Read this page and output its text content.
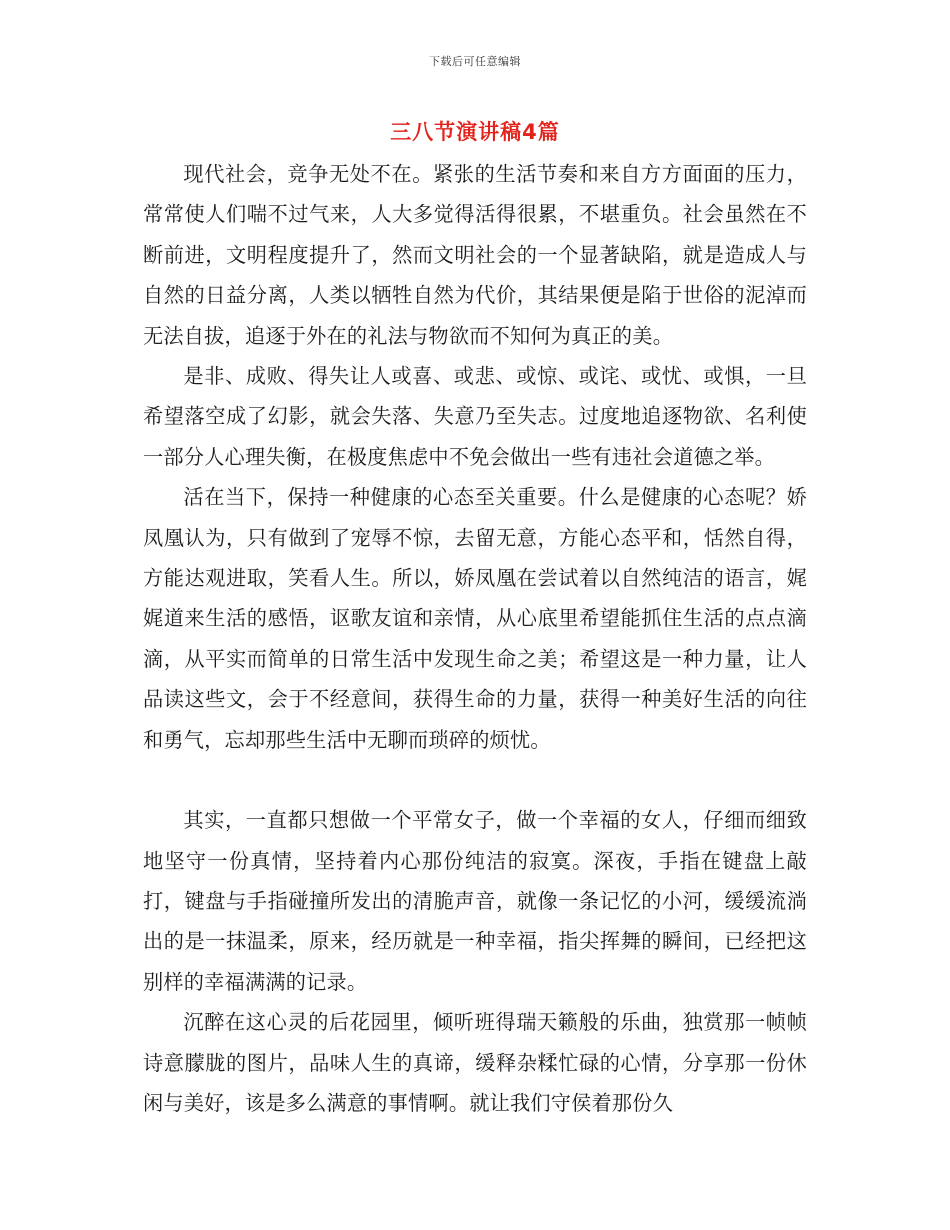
下载后可任意编辑
三八节演讲稿4篇

现代社会，竞争无处不在。紧张的生活节奏和来自方方面面的压力，常常使人们喘不过气来，人大多觉得活得很累，不堪重负。社会虽然在不断前进，文明程度提升了，然而文明社会的一个显著缺陷，就是造成人与自然的日益分离，人类以牺牲自然为代价，其结果便是陷于世俗的泥淖而无法自拔，追逐于外在的礼法与物欲而不知何为真正的美。

是非、成败、得失让人或喜、或悲、或惊、或诧、或忧、或惧，一旦希望落空成了幻影，就会失落、失意乃至失志。过度地追逐物欲、名利使一部分人心理失衡，在极度焦虑中不免会做出一些有违社会道德之举。

活在当下，保持一种健康的心态至关重要。什么是健康的心态呢？娇凤凰认为，只有做到了宠辱不惊，去留无意，方能心态平和，恬然自得，方能达观进取，笑看人生。所以，娇凤凰在尝试着以自然纯洁的语言，娓娓道来生活的感悟，讴歌友谊和亲情，从心底里希望能抓住生活的点点滴滴，从平实而简单的日常生活中发现生命之美；希望这是一种力量，让人品读这些文，会于不经意间，获得生命的力量，获得一种美好生活的向往和勇气，忘却那些生活中无聊而琐碎的烦忧。

其实，一直都只想做一个平常女子，做一个幸福的女人，仔细而细致地坚守一份真情，坚持着内心那份纯洁的寂寞。深夜，手指在键盘上敲打，键盘与手指碰撞所发出的清脆声音，就像一条记忆的小河，缓缓流淌出的是一抹温柔，原来，经历就是一种幸福，指尖挥舞的瞬间，已经把这别样的幸福满满的记录。

沉醉在这心灵的后花园里，倾听班得瑞天籁般的乐曲，独赏那一帧帧诗意朦胧的图片，品味人生的真谛，缓释杂糅忙碌的心情，分享那一份休闲与美好，该是多么满意的事情啊。就让我们守侯着那份久
